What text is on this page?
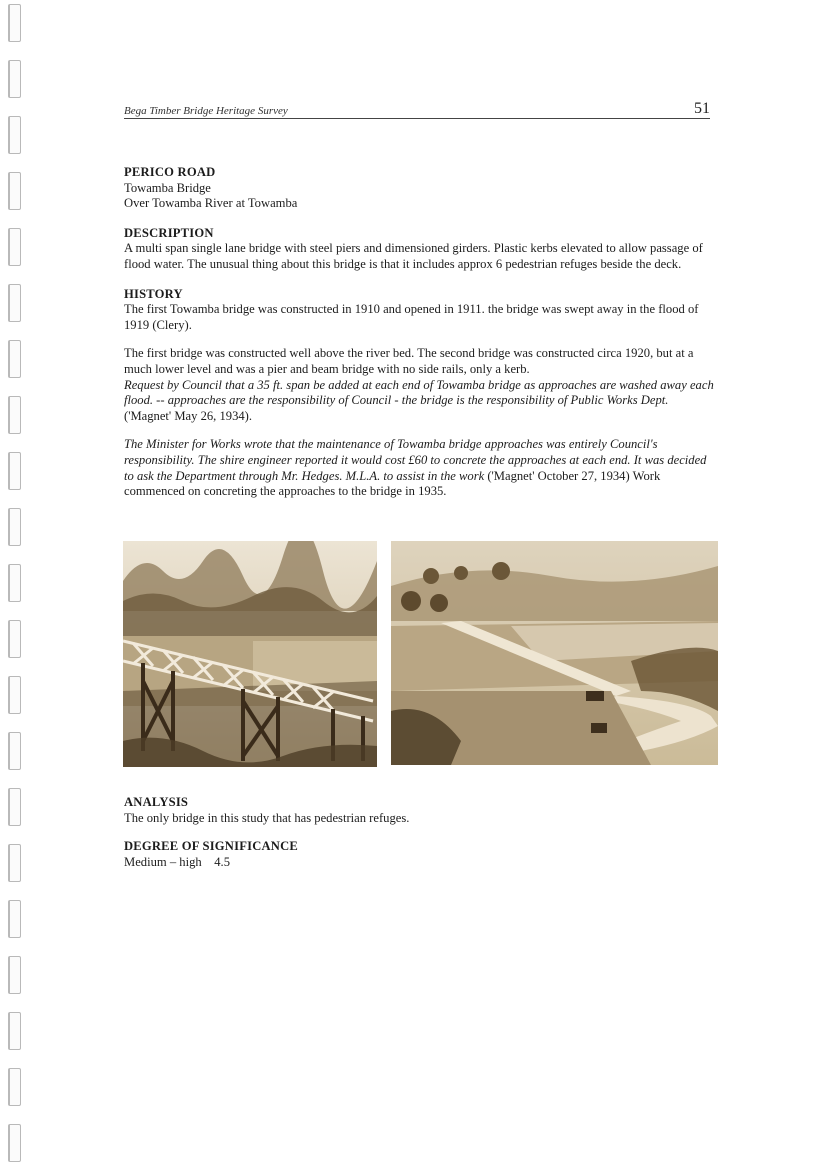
Bega Timber Bridge Heritage Survey	51
PERICO ROAD
Towamba Bridge
Over Towamba River at Towamba
DESCRIPTION
A multi span single lane bridge with steel piers and dimensioned girders. Plastic kerbs elevated to allow passage of flood water. The unusual thing about this bridge is that it includes approx 6 pedestrian refuges beside the deck.
HISTORY
The first Towamba bridge was constructed in 1910 and opened in 1911. the bridge was swept away in the flood of 1919 (Clery).
The first bridge was constructed well above the river bed. The second bridge was constructed circa 1920, but at a much lower level and was a pier and beam bridge with no side rails, only a kerb.
Request by Council that a 35 ft. span be added at each end of Towamba bridge as approaches are washed away each flood. -- approaches are the responsibility of Council - the bridge is the responsibility of Public Works Dept. ('Magnet' May 26, 1934).
The Minister for Works wrote that the maintenance of Towamba bridge approaches was entirely Council's responsibility. The shire engineer reported it would cost £60 to concrete the approaches at each end. It was decided to ask the Department through Mr. Hedges. M.L.A. to assist in the work ('Magnet' October 27, 1934) Work commenced on concreting the approaches to the bridge in 1935.
ANALYSIS
The only bridge in this study that has pedestrian refuges.
DEGREE OF SIGNIFICANCE
Medium – high    4.5
